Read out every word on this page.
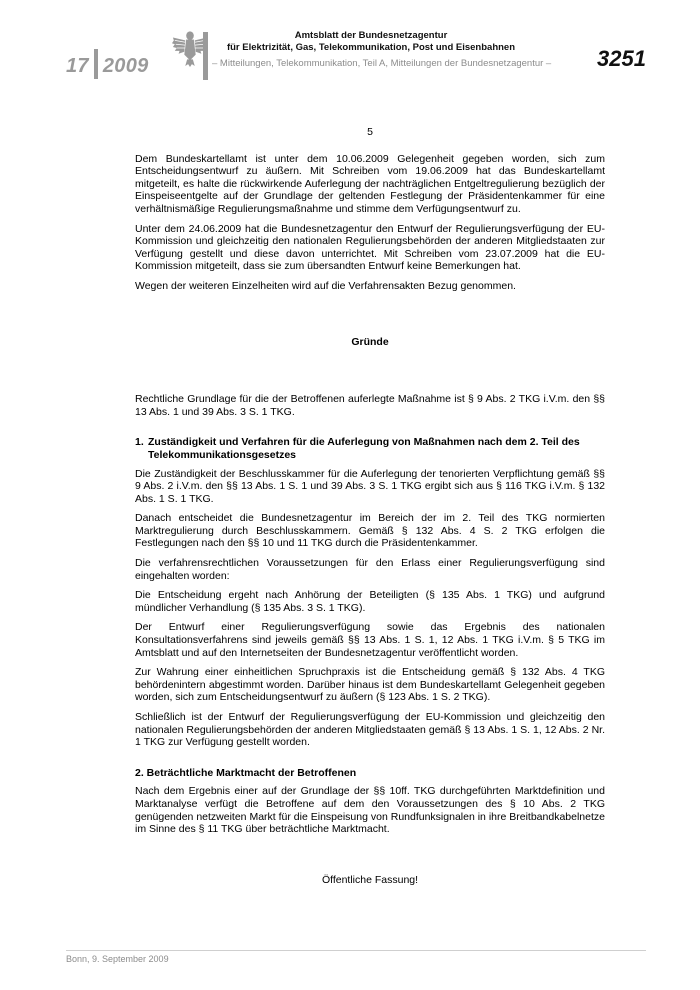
17 2009
Amtsblatt der Bundesnetzagentur
für Elektrizität, Gas, Telekommunikation, Post und Eisenbahnen
– Mitteilungen, Telekommunikation, Teil A, Mitteilungen der Bundesnetzagentur – 3251
5

Dem Bundeskartellamt ist unter dem 10.06.2009 Gelegenheit gegeben worden, sich zum Entscheidungsentwurf zu äußern. Mit Schreiben vom 19.06.2009 hat das Bundeskartellamt mitgeteilt, es halte die rückwirkende Auferlegung der nachträglichen Entgeltregulierung bezüglich der Einspeiseentgelte auf der Grundlage der geltenden Festlegung der Präsidentenkammer für eine verhältnismäßige Regulierungsmaßnahme und stimme dem Verfügungsentwurf zu.

Unter dem 24.06.2009 hat die Bundesnetzagentur den Entwurf der Regulierungsverfügung der EU-Kommission und gleichzeitig den nationalen Regulierungsbehörden der anderen Mitgliedstaaten zur Verfügung gestellt und diese davon unterrichtet. Mit Schreiben vom 23.07.2009 hat die EU-Kommission mitgeteilt, dass sie zum übersandten Entwurf keine Bemerkungen hat.

Wegen der weiteren Einzelheiten wird auf die Verfahrensakten Bezug genommen.

Gründe

Rechtliche Grundlage für die der Betroffenen auferlegte Maßnahme ist § 9 Abs. 2 TKG i.V.m. den §§ 13 Abs. 1 und 39 Abs. 3 S. 1 TKG.

1. Zuständigkeit und Verfahren für die Auferlegung von Maßnahmen nach dem 2. Teil des Telekommunikationsgesetzes

Die Zuständigkeit der Beschlusskammer für die Auferlegung der tenorierten Verpflichtung gemäß §§ 9 Abs. 2 i.V.m. den §§ 13 Abs. 1 S. 1 und 39 Abs. 3 S. 1 TKG ergibt sich aus § 116 TKG i.V.m. § 132 Abs. 1 S. 1 TKG.

Danach entscheidet die Bundesnetzagentur im Bereich der im 2. Teil des TKG normierten Marktregulierung durch Beschlusskammern. Gemäß § 132 Abs. 4 S. 2 TKG erfolgen die Festlegungen nach den §§ 10 und 11 TKG durch die Präsidentenkammer.

Die verfahrensrechtlichen Voraussetzungen für den Erlass einer Regulierungsverfügung sind eingehalten worden:

Die Entscheidung ergeht nach Anhörung der Beteiligten (§ 135 Abs. 1 TKG) und aufgrund mündlicher Verhandlung (§ 135 Abs. 3 S. 1 TKG).

Der Entwurf einer Regulierungsverfügung sowie das Ergebnis des nationalen Konsultationsverfahrens sind jeweils gemäß §§ 13 Abs. 1 S. 1, 12 Abs. 1 TKG i.V.m. § 5 TKG im Amtsblatt und auf den Internetseiten der Bundesnetzagentur veröffentlicht worden.

Zur Wahrung einer einheitlichen Spruchpraxis ist die Entscheidung gemäß § 132 Abs. 4 TKG behördenintern abgestimmt worden. Darüber hinaus ist dem Bundeskartellamt Gelegenheit gegeben worden, sich zum Entscheidungsentwurf zu äußern (§ 123 Abs. 1 S. 2 TKG).

Schließlich ist der Entwurf der Regulierungsverfügung der EU-Kommission und gleichzeitig den nationalen Regulierungsbehörden der anderen Mitgliedstaaten gemäß § 13 Abs. 1 S. 1, 12 Abs. 2 Nr. 1 TKG zur Verfügung gestellt worden.

2. Beträchtliche Marktmacht der Betroffenen

Nach dem Ergebnis einer auf der Grundlage der §§ 10ff. TKG durchgeführten Marktdefinition und Marktanalyse verfügt die Betroffene auf dem den Voraussetzungen des § 10 Abs. 2 TKG genügenden netzweiten Markt für die Einspeisung von Rundfunksignalen in ihre Breitbandkabelnetze im Sinne des § 11 TKG über beträchtliche Marktmacht.

Öffentliche Fassung!
Bonn, 9. September 2009
